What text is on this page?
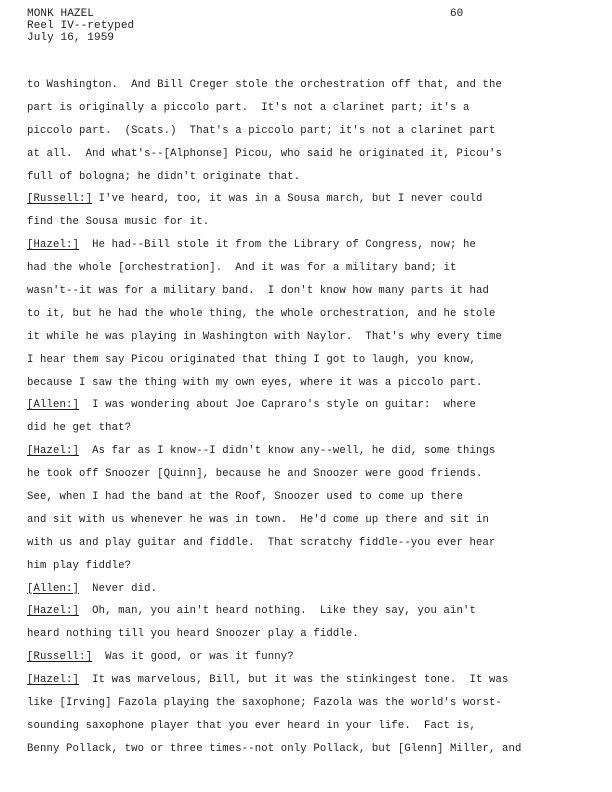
MONK HAZEL
Reel IV--retyped
July 16, 1959
60
to Washington.  And Bill Creger stole the orchestration off that, and the
part is originally a piccolo part.  It's not a clarinet part; it's a
piccolo part.  (Scats.)  That's a piccolo part; it's not a clarinet part
at all.  And what's--[Alphonse] Picou, who said he originated it, Picou's
full of bologna; he didn't originate that.
[Russell:] I've heard, too, it was in a Sousa march, but I never could
find the Sousa music for it.
[Hazel:]  He had--Bill stole it from the Library of Congress, now; he
had the whole [orchestration].  And it was for a military band; it
wasn't--it was for a military band.  I don't know how many parts it had
to it, but he had the whole thing, the whole orchestration, and he stole
it while he was playing in Washington with Naylor.  That's why every time
I hear them say Picou originated that thing I got to laugh, you know,
because I saw the thing with my own eyes, where it was a piccolo part.
[Allen:]  I was wondering about Joe Capraro's style on guitar:  where
did he get that?
[Hazel:]  As far as I know--I didn't know any--well, he did, some things
he took off Snoozer [Quinn], because he and Snoozer were good friends.
See, when I had the band at the Roof, Snoozer used to come up there
and sit with us whenever he was in town.  He'd come up there and sit in
with us and play guitar and fiddle.  That scratchy fiddle--you ever hear
him play fiddle?
[Allen:]  Never did.
[Hazel:]  Oh, man, you ain't heard nothing.  Like they say, you ain't
heard nothing till you heard Snoozer play a fiddle.
[Russell:]  Was it good, or was it funny?
[Hazel:]  It was marvelous, Bill, but it was the stinkingest tone.  It was
like [Irving] Fazola playing the saxophone; Fazola was the world's worst-
sounding saxophone player that you ever heard in your life.  Fact is,
Benny Pollack, two or three times--not only Pollack, but [Glenn] Miller, and
